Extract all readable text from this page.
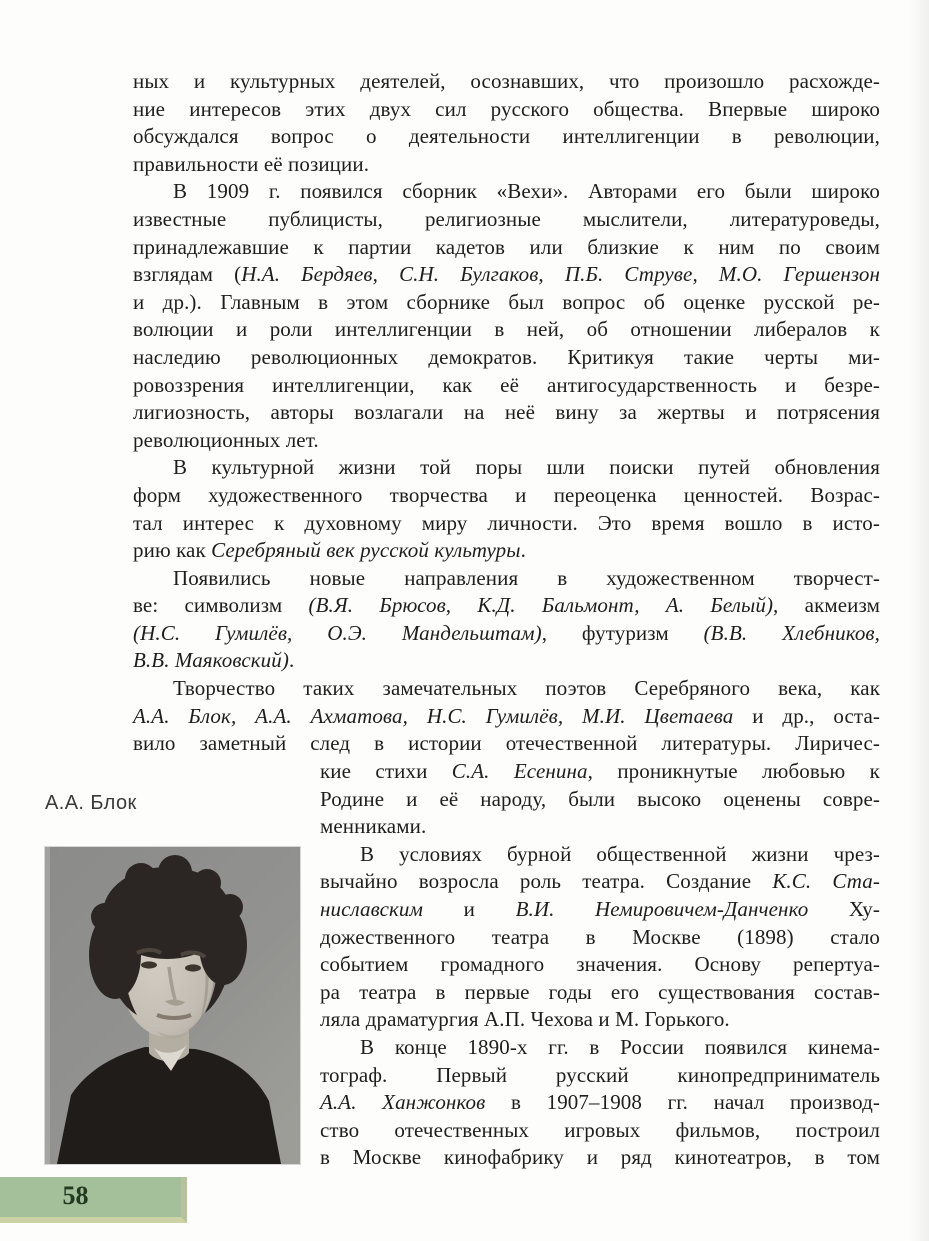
ных и культурных деятелей, осознавших, что произошло расхожде-
ние интересов этих двух сил русского общества. Впервые широко
обсуждался вопрос о деятельности интеллигенции в революции,
правильности её позиции.
В 1909 г. появился сборник «Вехи». Авторами его были широко
известные публицисты, религиозные мыслители, литературоведы,
принадлежавшие к партии кадетов или близкие к ним по своим
взглядам (Н.А. Бердяев, С.Н. Булгаков, П.Б. Струве, М.О. Гершензон
и др.). Главным в этом сборнике был вопрос об оценке русской ре-
волюции и роли интеллигенции в ней, об отношении либералов к
наследию революционных демократов. Критикуя такие черты ми-
ровоззрения интеллигенции, как её антигосударственность и безре-
лигиозность, авторы возлагали на неё вину за жертвы и потрясения
революционных лет.
В культурной жизни той поры шли поиски путей обновления
форм художественного творчества и переоценка ценностей. Возрас-
тал интерес к духовному миру личности. Это время вошло в исто-
рию как Серебряный век русской культуры.
Появились новые направления в художественном творчест-
ве: символизм (В.Я. Брюсов, К.Д. Бальмонт, А. Белый), акмеизм
(Н.С. Гумилёв, О.Э. Мандельштам), футуризм (В.В. Хлебников,
В.В. Маяковский).
Творчество таких замечательных поэтов Серебряного века, как
А.А. Блок, А.А. Ахматова, Н.С. Гумилёв, М.И. Цветаева и др., оста-
вило заметный след в истории отечественной литературы. Лиричес-
кие стихи С.А. Есенина, проникнутые любовью к
Родине и её народу, были высоко оценены совре-
менниками.
В условиях бурной общественной жизни чрез-
вычайно возросла роль театра. Создание К.С. Ста-
ниславским и В.И. Немировичем-Данченко Ху-
дожественного театра в Москве (1898) стало
событием громадного значения. Основу репертуа-
ра театра в первые годы его существования состав-
ляла драматургия А.П. Чехова и М. Горького.
В конце 1890-х гг. в России появился кинема-
тограф. Первый русский кинопредприниматель
А.А. Ханжонков в 1907–1908 гг. начал производ-
ство отечественных игровых фильмов, построил
в Москве кинофабрику и ряд кинотеатров, в том
А.А. Блок
58
